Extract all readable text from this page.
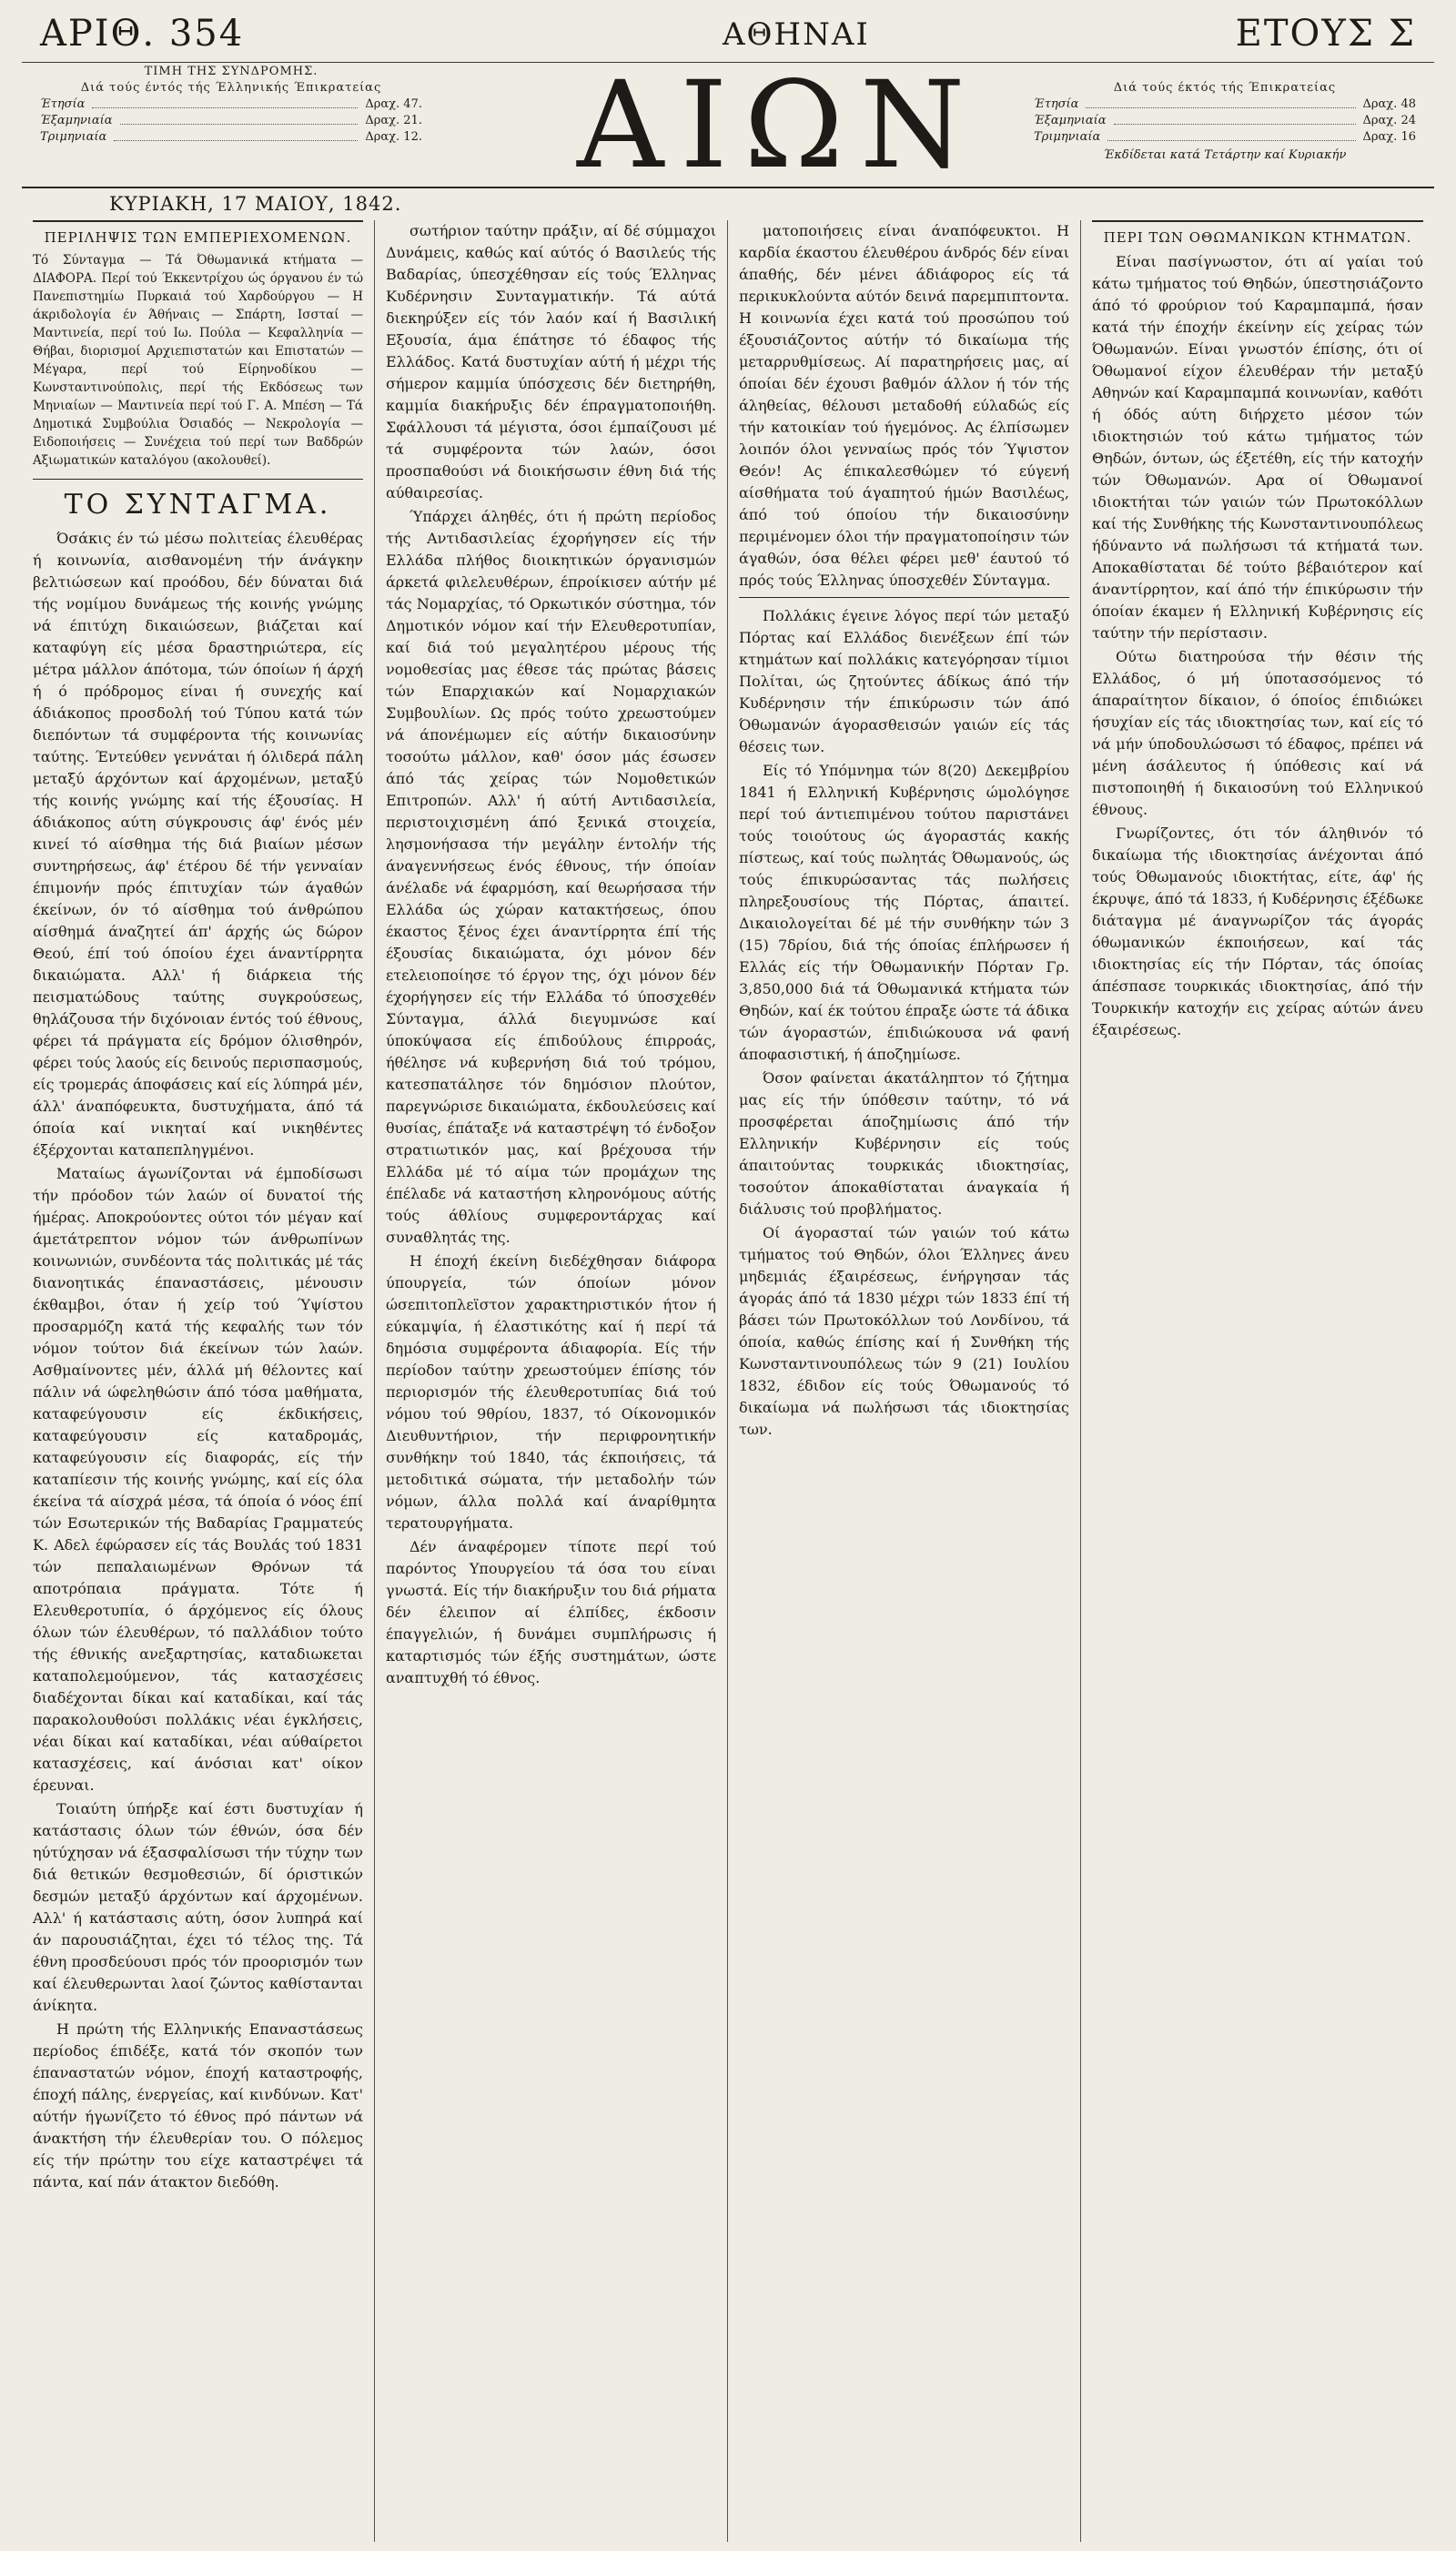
ΑΡΙΘ. 354	ΑΘΗΝΑΙ	ΕΤΟΥΣ Σ
ΤΙΜΗ ΤΗΣ ΣΥΝΔΡΟΜΗΣ.
Διά τούς έντός τής Έλληνικής Έπικρατείας
Έτησία	Δραχ. 47.
Έξαμηνιαία	Δραχ. 21.
Τριμηνιαία	Δραχ. 12. ΑΙΩΝ	Διά τούς έκτός τής Έπικρατείας
Έτησία	Δραχ. 48
Έξαμηνιαία	Δραχ. 24
Τριμηνιαία	Δραχ. 16
Έκδίδεται κατά Τετάρτην καί Κυριακήν
ΚΥΡΙΑΚΗ, 17 ΜΑΙΟΥ, 1842.
ΠΕΡΙΛΗΨΙΣ ΤΩΝ ΕΜΠΕΡΙΕΧΟΜΕΝΩΝ.
Τό Σύνταγμα — Τά Όθωμανικά κτήματα — ΔΙΑΦΟΡΑ. Περί τού Έκκεντρίχου ώς όργανου έν τώ Πανεπιστημίω Πυρκαιά τού Χαρδούργου — Η άκριδολογία έν Άθήναις — Σπάρτη, Ισσταί — Μαντινεία, περί τού Ιω. Πούλα — Κεφαλληνία — Θήβαι, διορισμοί Αρχιεπιστατών και Επιστατών — Μέγαρα, περί τού Είρηνοδίκου — Κωνσταντινούπολις, περί τής Εκδόσεως των Μηνιαίων — Μαντινεία περί τού Γ. Α. Μπέση — Τά Δημοτικά Συμβούλια Όσιαδός — Νεκρολογία — Ειδοποιήσεις — Συνέχεια τού περί των Βαδδρών Αξιωματικών καταλόγου (ακολουθεί).
ΤΟ ΣΥΝΤΑΓΜΑ.

Όσάκις έν τώ μέσω πολιτείας έλευθέρας ή κοινωνία, αισθανομένη τήν άνάγκην βελτιώσεων καί προόδου, δέν δύναται διά τής νομίμου δυνάμεως τής κοινής γνώμης νά έπιτύχη δικαιώσεων, βιάζεται καί καταφύγη είς μέσα δραστηριώτερα, είς μέτρα μάλλον άπότομα, τών όποίων ή άρχή ή ό πρόδρομος είναι ή συνεχής καί άδιάκοπος προσδολή τού Τύπου κατά τών διεπόντων τά συμφέροντα τής κοινωνίας ταύτης. Έντεύθεν γεννάται ή όλιδερά πάλη μεταξύ άρχόντων καί άρχομένων, μεταξύ τής κοινής γνώμης καί τής έξουσίας. Η άδιάκοπος αύτη σύγκρουσις άφ' ένός μέν κινεί τό αίσθημα τής διά βιαίων μέσων συντηρήσεως, άφ' έτέρου δέ τήν γενναίαν έπιμονήν πρός έπιτυχίαν τών άγαθών έκείνων, όν τό αίσθημα τού άνθρώπου αίσθημά άναζητεί άπ' άρχής ώς δώρον Θεού, έπί τού όποίου έχει άναντίρρητα δικαιώματα. Αλλ' ή διάρκεια τής πεισματώδους ταύτης συγκρούσεως, θηλάζουσα τήν διχόνοιαν έντός τού έθνους, φέρει τά πράγματα είς δρόμον όλισθηρόν, φέρει τούς λαούς είς δεινούς περισπασμούς, είς τρομεράς άποφάσεις καί είς λύπηρά μέν, άλλ' άναπόφευκτα, δυστυχήματα, άπό τά όποία καί νικηταί καί νικηθέντες έξέρχονται καταπεπληγμένοι.

Ματαίως άγωνίζονται νά έμποδίσωσι τήν πρόοδον τών λαών οί δυνατοί τής ήμέρας. Αποκρούοντες ούτοι τόν μέγαν καί άμετάτρεπτον νόμον τών άνθρωπίνων κοινωνιών, συνδέοντα τάς πολιτικάς μέ τάς διανοητικάς έπαναστάσεις, μένουσιν έκθαμβοι, όταν ή χείρ τού Ύψίστου προσαρμόζη κατά τής κεφαλής των τόν νόμον τούτον διά έκείνων τών λαών. Ασθμαίνοντες μέν, άλλά μή θέλοντες καί πάλιν νά ώφεληθώσιν άπό τόσα μαθήματα, καταφεύγουσιν είς έκδικήσεις, καταφεύγουσιν είς καταδρομάς, καταφεύγουσιν είς διαφοράς, είς τήν καταπίεσιν τής κοινής γνώμης, καί είς όλα έκείνα τά αίσχρά μέσα, τά όποία ό νόος έπί τών Εσωτερικών τής Βαδαρίας Γραμματεύς Κ. Αδελ έφώρασεν είς τάς Βουλάς τού 1831 τών πεπαλαιωμένων Θρόνων τά αποτρόπαια πράγματα. Τότε ή Ελευθεροτυπία, ό άρχόμενος είς όλους όλων τών έλευθέρων, τό παλλάδιον τούτο τής έθνικής ανεξαρτησίας, καταδιωκεται καταπολεμούμενον, τάς κατασχέσεις διαδέχονται δίκαι καί καταδίκαι, καί τάς παρακολουθούσι πολλάκις νέαι έγκλήσεις, νέαι δίκαι καί καταδίκαι, νέαι αύθαίρετοι κατασχέσεις, καί άνόσιαι κατ' οίκον έρευναι.

Τοιαύτη ύπήρξε καί έστι δυστυχίαν ή κατάστασις όλων τών έθνών, όσα δέν ηύτύχησαν νά έξασφαλίσωσι τήν τύχην των διά θετικών θεσμοθεσιών, δί όριστικών δεσμών μεταξύ άρχόντων καί άρχομένων. Αλλ' ή κατάστασις αύτη, όσον λυπηρά καί άν παρουσιάζηται, έχει τό τέλος της. Τά έθνη προσδεύουσι πρός τόν προορισμόν των καί έλευθερωνται λαοί ζώντος καθίστανται άνίκητα.

Η πρώτη τής Ελληνικής Επαναστάσεως περίοδος έπιδέξε, κατά τόν σκοπόν των έπαναστατών νόμον, έποχή καταστροφής, έποχή πάλης, ένεργείας, καί κινδύνων. Κατ' αύτήν ήγωνίζετο τό έθνος πρό πάντων νά άνακτήση τήν έλευθερίαν του. Ο πόλεμος είς τήν πρώτην του είχε καταστρέψει τά πάντα, καί πάν άτακτον διεδόθη.

σωτήριον ταύτην πράξιν, αί δέ σύμμαχοι Δυνάμεις, καθώς καί αύτός ό Βασιλεύς τής Βαδαρίας, ύπεσχέθησαν είς τούς Έλληνας Κυδέρνησιν Συνταγματικήν. Τά αύτά διεκηρύξεν είς τόν λαόν καί ή Βασιλική Εξουσία, άμα έπάτησε τό έδαφος τής Ελλάδος. Κατά δυστυχίαν αύτή ή μέχρι τής σήμερον καμμία ύπόσχεσις δέν διετηρήθη, καμμία διακήρυξις δέν έπραγματοποιήθη. Σφάλλουσι τά μέγιστα, όσοι έμπαίζουσι μέ τά συμφέροντα τών λαών, όσοι προσπαθούσι νά διοικήσωσιν έθνη διά τής αύθαιρεσίας.

Ύπάρχει άληθές, ότι ή πρώτη περίοδος τής Αντιδασιλείας έχορήγησεν είς τήν Ελλάδα πλήθος διοικητικών όργανισμών άρκετά φιλελευθέρων, έπροίκισεν αύτήν μέ τάς Νομαρχίας, τό Ορκωτικόν σύστημα, τόν Δημοτικόν νόμον καί τήν Ελευθεροτυπίαν, καί διά τού μεγαλητέρου μέρους τής νομοθεσίας μας έθεσε τάς πρώτας βάσεις τών Επαρχιακών καί Νομαρχιακών Συμβουλίων. Ως πρός τούτο χρεωστούμεν νά άπονέμωμεν είς αύτήν δικαιοσύνην τοσούτω μάλλον, καθ' όσον μάς έσωσεν άπό τάς χείρας τών Νομοθετικών Επιτροπών. Αλλ' ή αύτή Αντιδασιλεία, περιστοιχισμένη άπό ξενικά στοιχεία, λησμονήσασα τήν μεγάλην έντολήν τής άναγεννήσεως ένός έθνους, τήν όποίαν άνέλαδε νά έφαρμόση, καί θεωρήσασα τήν Ελλάδα ώς χώραν κατακτήσεως, όπου έκαστος ξένος έχει άναντίρρητα έπί τής έξουσίας δικαιώματα, όχι μόνον δέν ετελειοποίησε τό έργον της, όχι μόνον δέν έχορήγησεν είς τήν Ελλάδα τό ύποσχεθέν Σύνταγμα, άλλά διεγυμνώσε καί ύποκύψασα είς έπιδούλους έπιρροάς, ήθέλησε νά κυβερνήση διά τού τρόμου, κατεσπατάλησε τόν δημόσιον πλούτον, παρεγνώρισε δικαιώματα, έκδουλεύσεις καί θυσίας, έπάταξε νά καταστρέψη τό ένδοξον στρατιωτικόν μας, καί βρέχουσα τήν Ελλάδα μέ τό αίμα τών προμάχων της έπέλαδε νά καταστήση κληρονόμους αύτής τούς άθλίους συμφεροντάρχας καί συναθλητάς της.

Η έποχή έκείνη διεδέχθησαν διάφορα ύπουργεία, τών όποίων μόνον ώσεπιτοπλεϊστον χαρακτηριστικόν ήτον ή εύκαμψία, ή έλαστικότης καί ή περί τά δημόσια συμφέροντα άδιαφορία. Είς τήν περίοδον ταύτην χρεωστούμεν έπίσης τόν περιορισμόν τής έλευθεροτυπίας διά τού νόμου τού 9θρίου, 1837, τό Οίκονομικόν Διευθυντήριον, τήν περιφρονητικήν συνθήκην τού 1840, τάς έκποιήσεις, τά μετοδιτικά σώματα, τήν μεταδολήν τών νόμων, άλλα πολλά καί άναρίθμητα τερατουργήματα.

Δέν άναφέρομεν τίποτε περί τού παρόντος Υπουργείου τά όσα του είναι γνωστά. Είς τήν διακήρυξιν του διά ρήματα δέν έλειπον αί έλπίδες, έκδοσιν έπαγγελιών, ή δυνάμει συμπλήρωσις ή καταρτισμός τών έξής συστημάτων, ώστε αναπτυχθή τό έθνος.

ματοποιήσεις είναι άναπόφευκτοι. Η καρδία έκαστου έλευθέρου άνδρός δέν είναι άπαθής, δέν μένει άδιάφορος είς τά περικυκλούντα αύτόν δεινά παρεμπιπτοντα. Η κοινωνία έχει κατά τού προσώπου τού έξουσιάζοντος αύτήν τό δικαίωμα τής μεταρρυθμίσεως. Αί παρατηρήσεις μας, αί όποίαι δέν έχουσι βαθμόν άλλον ή τόν τής άληθείας, θέλουσι μεταδοθή εύλαδώς είς τήν κατοικίαν τού ήγεμόνος. Ας έλπίσωμεν λοιπόν όλοι γενναίως πρός τόν Ύψιστον Θεόν! Ας έπικαλεσθώμεν τό εύγενή αίσθήματα τού άγαπητού ήμών Βασιλέως, άπό τού όποίου τήν δικαιοσύνην περιμένομεν όλοι τήν πραγματοποίησιν τών άγαθών, όσα θέλει φέρει μεθ' έαυτού τό πρός τούς Έλληνας ύποσχεθέν Σύνταγμα.

Πολλάκις έγεινε λόγος περί τών μεταξύ Πόρτας καί Ελλάδος διενέξεων έπί τών κτημάτων καί πολλάκις κατεγόρησαν τίμιοι Πολίται, ώς ζητούντες άδίκως άπό τήν Κυδέρνησιν τήν έπικύρωσιν τών άπό Όθωμανών άγορασθεισών γαιών είς τάς θέσεις των.

Είς τό Υπόμνημα τών 8(20) Δεκεμβρίου 1841 ή Ελληνική Κυβέρνησις ώμολόγησε περί τού άντιεπιμένου τούτου παριστάνει τούς τοιούτους ώς άγοραστάς κακής πίστεως, καί τούς πωλητάς Όθωμανούς, ώς τούς έπικυρώσαντας τάς πωλήσεις πληρεξουσίους τής Πόρτας, άπαιτεί. Δικαιολογείται δέ μέ τήν συνθήκην τών 3 (15) 7δρίου, διά τής όποίας έπλήρωσεν ή Ελλάς είς τήν Όθωμανικήν Πόρταν Γρ. 3,850,000 διά τά Όθωμανικά κτήματα τών Θηδών, καί έκ τούτου έπραξε ώστε τά άδικα τών άγοραστών, έπιδιώκουσα νά φανή άποφασιστική, ή άποζημίωσε.

Όσον φαίνεται άκατάληπτον τό ζήτημα μας είς τήν ύπόθεσιν ταύτην, τό νά προσφέρεται άποζημίωσις άπό τήν Ελληνικήν Κυβέρνησιν είς τούς άπαιτούντας τουρκικάς ιδιοκτησίας, τοσούτον άποκαθίσταται άναγκαία ή διάλυσις τού προβλήματος.

Οί άγορασταί τών γαιών τού κάτω τμήματος τού Θηδών, όλοι Έλληνες άνευ μηδεμιάς έξαιρέσεως, ένήργησαν τάς άγοράς άπό τά 1830 μέχρι τών 1833 έπί τή βάσει τών Πρωτοκόλλων τού Λονδίνου, τά όποία, καθώς έπίσης καί ή Συνθήκη τής Κωνσταντινουπόλεως τών 9 (21) Ιουλίου 1832, έδιδον είς τούς Όθωμανούς τό δικαίωμα νά πωλήσωσι τάς ιδιοκτησίας των.

ΠΕΡΙ ΤΩΝ ΟΘΩΜΑΝΙΚΩΝ ΚΤΗΜΑΤΩΝ.

Είναι πασίγνωστον, ότι αί γαίαι τού κάτω τμήματος τού Θηδών, ύπεστησιάζοντο άπό τό φρούριον τού Καραμπαμπά, ήσαν κατά τήν έποχήν έκείνην είς χείρας τών Όθωμανών. Είναι γνωστόν έπίσης, ότι οί Όθωμανοί είχον έλευθέραν τήν μεταξύ Αθηνών καί Καραμπαμπά κοινωνίαν, καθότι ή όδός αύτη διήρχετο μέσον τών ιδιοκτησιών τού κάτω τμήματος τών Θηδών, όντων, ώς έξετέθη, είς τήν κατοχήν τών Όθωμανών. Αρα οί Όθωμανοί ιδιοκτήται τών γαιών τών Πρωτοκόλλων καί τής Συνθήκης τής Κωνσταντινουπόλεως ήδύναντο νά πωλήσωσι τά κτήματά των. Αποκαθίσταται δέ τούτο βέβαιότερον καί άναντίρρητον, καί άπό τήν έπικύρωσιν τήν όποίαν έκαμεν ή Ελληνική Κυβέρνησις είς ταύτην τήν περίστασιν.

Ούτω διατηρούσα τήν θέσιν τής Ελλάδος, ό μή ύποτασσόμενος τό άπαραίτητον δίκαιον, ό όποίος έπιδιώκει ήσυχίαν είς τάς ιδιοκτησίας των, καί είς τό νά μήν ύποδουλώσωσι τό έδαφος, πρέπει νά μένη άσάλευτος ή ύπόθεσις καί νά πιστοποιηθή ή δικαιοσύνη τού Ελληνικού έθνους.

Γνωρίζοντες, ότι τόν άληθινόν τό δικαίωμα τής ιδιοκτησίας άνέχονται άπό τούς Όθωμανούς ιδιοκτήτας, είτε, άφ' ής έκρυψε, άπό τά 1833, ή Κυδέρνησις έξέδωκε διάταγμα μέ άναγνωρίζον τάς άγοράς όθωμανικών έκποιήσεων, καί τάς ιδιοκτησίας είς τήν Πόρταν, τάς όποίας άπέσπασε τουρκικάς ιδιοκτησίας, άπό τήν Τουρκικήν κατοχήν εις χείρας αύτών άνευ έξαιρέσεως.
